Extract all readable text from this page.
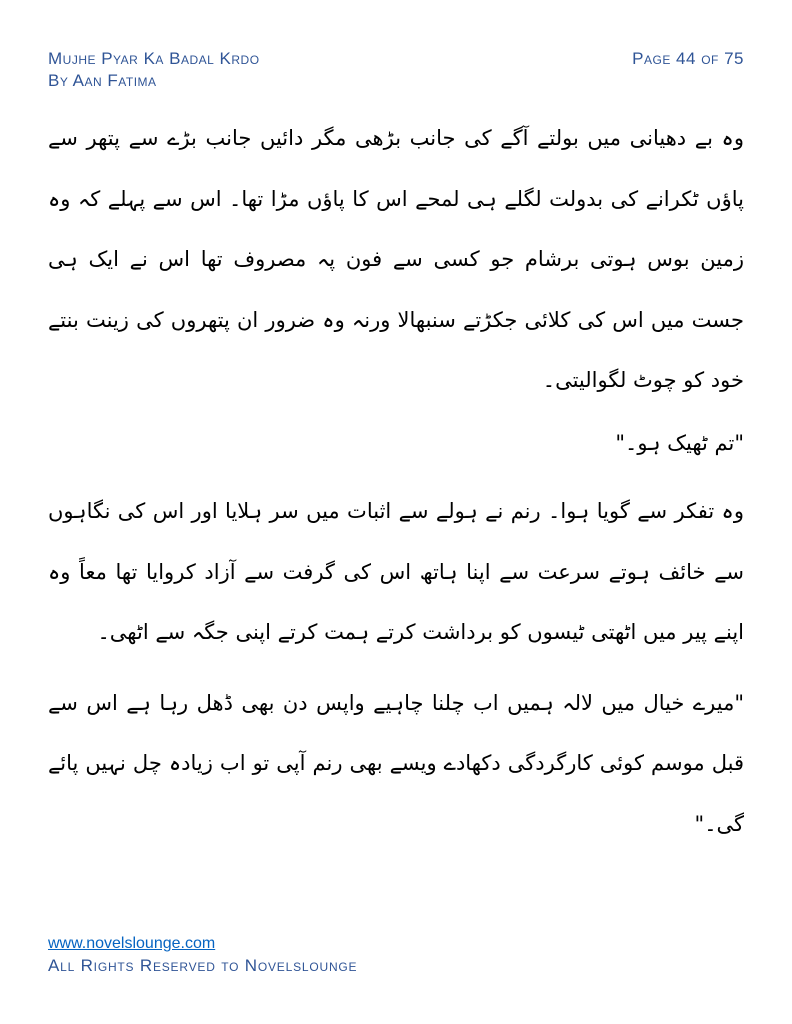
Mujhe Pyar Ka Badal Krdo
By Aan Fatima
Page 44 of 75

وہ بے دھیانی میں بولتے آگے کی جانب بڑھی مگر دائیں جانب بڑے سے پتھر سے پاؤں ٹکرانے کی بدولت لگلے ہی لمحے اس کا پاؤں مڑا تھا۔ اس سے پہلے کہ وہ زمین بوس ہوتی برشام جو کسی سے فون پہ مصروف تھا اس نے ایک ہی جست میں اس کی کلائی جکڑتے سنبھالا ورنہ وہ ضرور ان پتھروں کی زینت بنتے خود کو چوٹ لگوالیتی۔

"تم ٹھیک ہو۔"

وہ تفکر سے گویا ہوا۔ رنم نے ہولے سے اثبات میں سر ہلایا اور اس کی نگاہوں سے خائف ہوتے سرعت سے اپنا ہاتھ اس کی گرفت سے آزاد کروایا تھا معاً وہ اپنے پیر میں اٹھتی ٹیسوں کو برداشت کرتے ہمت کرتے اپنی جگہ سے اٹھی۔

"میرے خیال میں لالہ ہمیں اب چلنا چاہیے واپس دن بھی ڈھل رہا ہے اس سے قبل موسم کوئی کارگردگی دکھادے ویسے بھی رنم آپی تو اب زیادہ چل نہیں پائے گی۔"

www.novelslounge.com
All Rights Reserved to Novelslounge
